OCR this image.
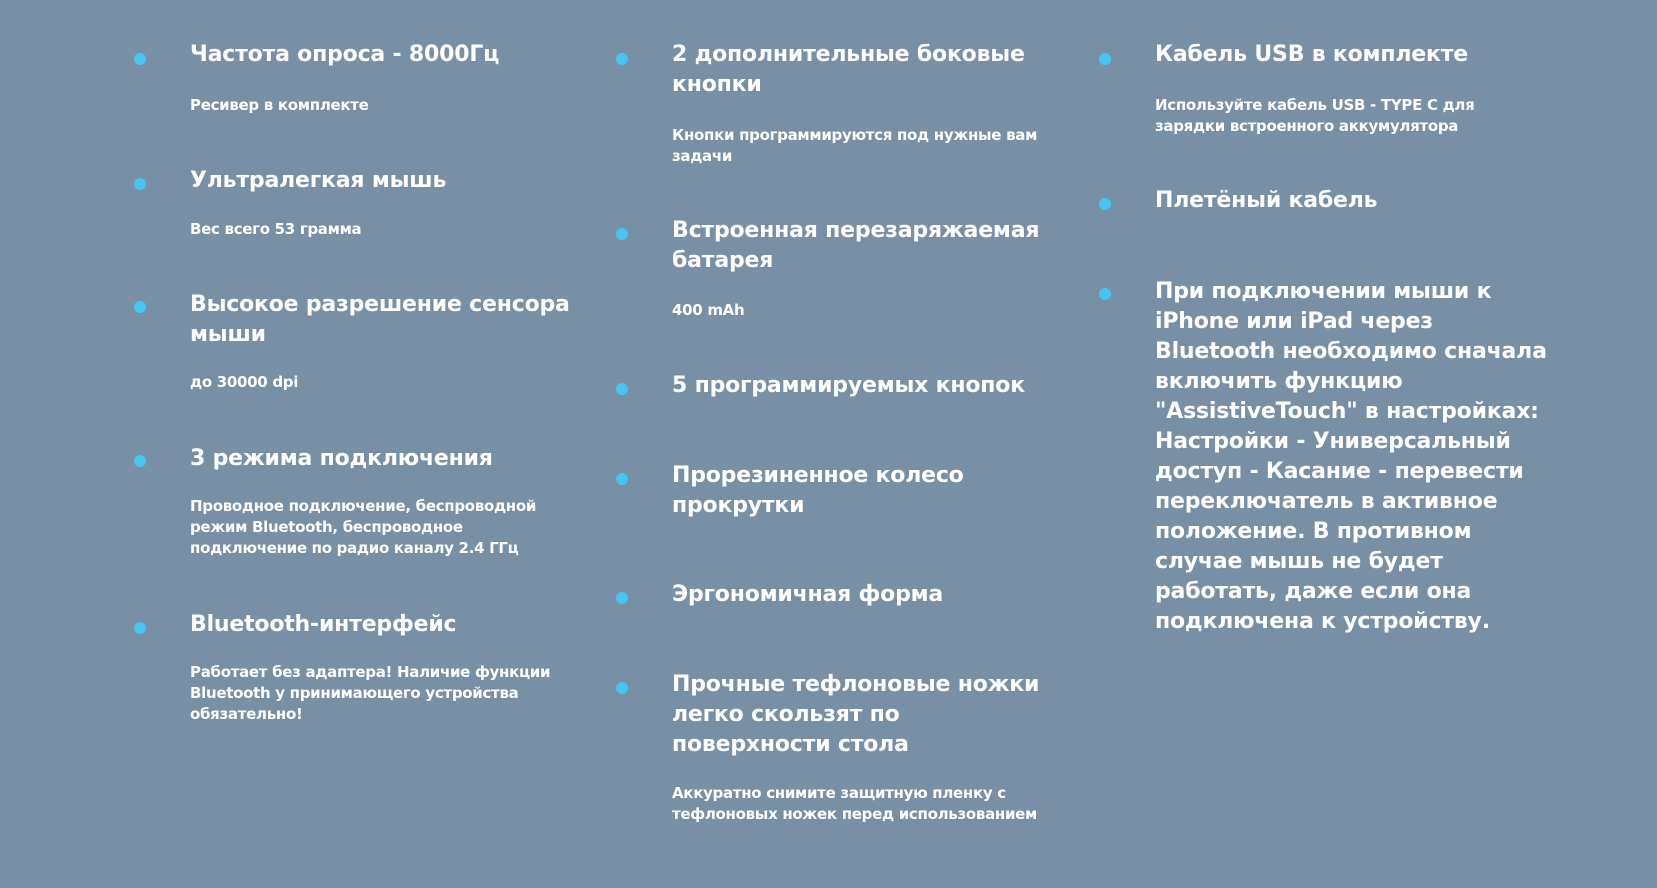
Частота опроса - 8000Гц
Ресивер в комплекте
Ультралегкая мышь
Вес всего 53 грамма
Высокое разрешение сенсора
мыши
до 30000 dpi
3 режима подключения
Проводное подключение, беспроводной
режим Bluetooth, беспроводное
подключение по радио каналу 2.4 ГГц
Bluetooth-интерфейс
Работает без адаптера! Наличие функции
Bluetooth у принимающего устройства
обязательно!
2 дополнительные боковые
кнопки
Кнопки программируются под нужные вам
задачи
Встроенная перезаряжаемая
батарея
400 mAh
5 программируемых кнопок
Прорезиненное колесо
прокрутки
Эргономичная форма
Прочные тефлоновые ножки
легко скользят по
поверхности стола
Аккуратно снимите защитную пленку с
тефлоновых ножек перед использованием
Кабель USB в комплекте
Используйте кабель USB - TYPE C для
зарядки встроенного аккумулятора
Плетёный кабель
При подключении мыши к
iPhone или iPad через
Bluetooth необходимо сначала
включить функцию
"AssistiveTouch" в настройках:
Настройки - Универсальный
доступ - Касание - перевести
переключатель в активное
положение. В противном
случае мышь не будет
работать, даже если она
подключена к устройству.
